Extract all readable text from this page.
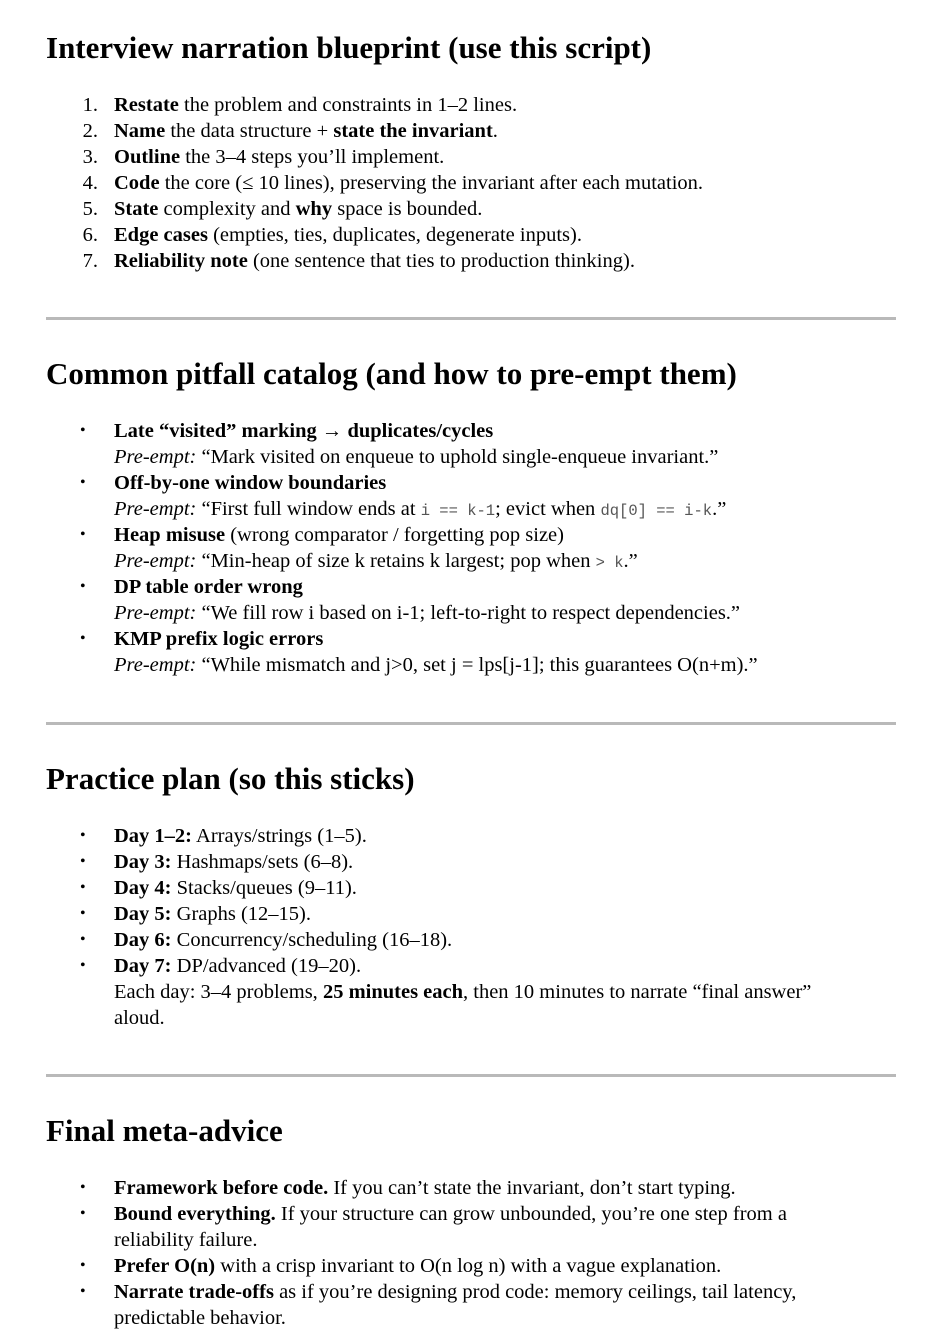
Interview narration blueprint (use this script)
1. Restate the problem and constraints in 1–2 lines.
2. Name the data structure + state the invariant.
3. Outline the 3–4 steps you’ll implement.
4. Code the core (≤ 10 lines), preserving the invariant after each mutation.
5. State complexity and why space is bounded.
6. Edge cases (empties, ties, duplicates, degenerate inputs).
7. Reliability note (one sentence that ties to production thinking).
Common pitfall catalog (and how to pre-empt them)
• Late “visited” marking → duplicates/cycles
Pre-empt: “Mark visited on enqueue to uphold single-enqueue invariant.”
• Off-by-one window boundaries
Pre-empt: “First full window ends at i == k-1; evict when dq[0] == i-k.”
• Heap misuse (wrong comparator / forgetting pop size)
Pre-empt: “Min-heap of size k retains k largest; pop when > k.”
• DP table order wrong
Pre-empt: “We fill row i based on i-1; left-to-right to respect dependencies.”
• KMP prefix logic errors
Pre-empt: “While mismatch and j>0, set j = lps[j-1]; this guarantees O(n+m).”
Practice plan (so this sticks)
• Day 1–2: Arrays/strings (1–5).
• Day 3: Hashmaps/sets (6–8).
• Day 4: Stacks/queues (9–11).
• Day 5: Graphs (12–15).
• Day 6: Concurrency/scheduling (16–18).
• Day 7: DP/advanced (19–20).
Each day: 3–4 problems, 25 minutes each, then 10 minutes to narrate “final answer”
aloud.
Final meta-advice
• Framework before code. If you can’t state the invariant, don’t start typing.
• Bound everything. If your structure can grow unbounded, you’re one step from a
reliability failure.
• Prefer O(n) with a crisp invariant to O(n log n) with a vague explanation.
• Narrate trade-offs as if you’re designing prod code: memory ceilings, tail latency,
predictable behavior.
